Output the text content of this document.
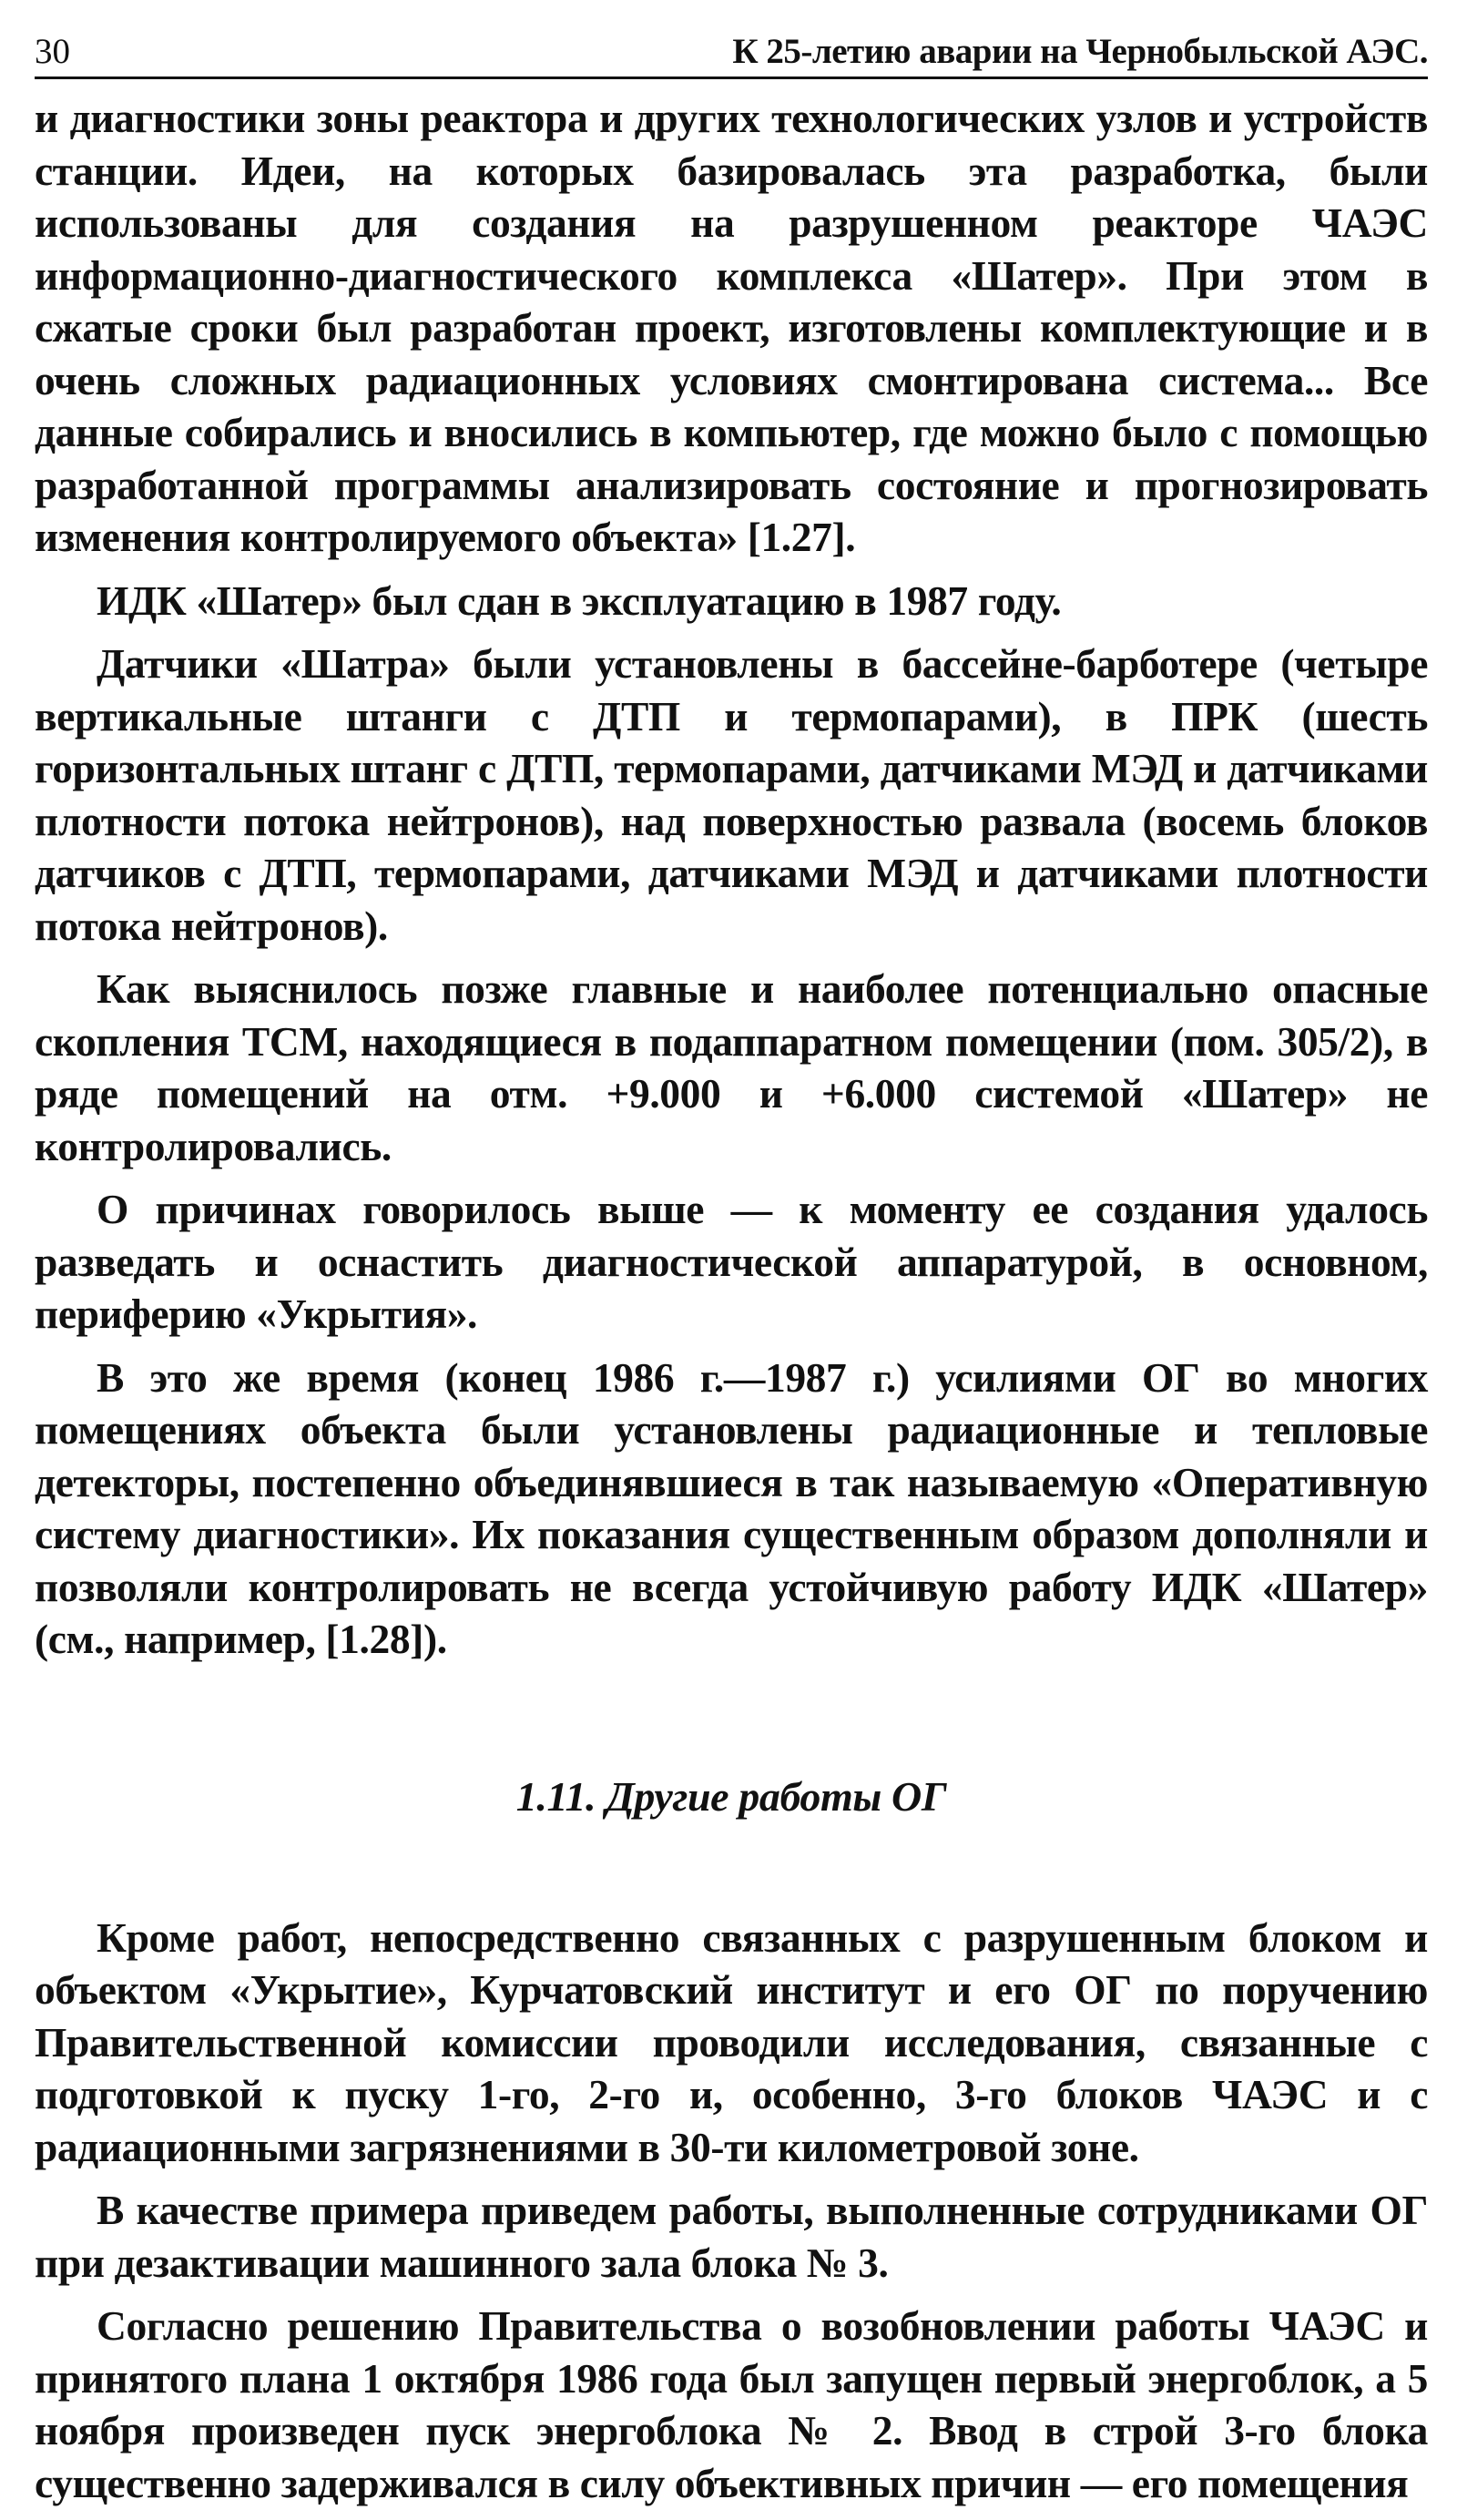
30	К 25-летию аварии на Чернобыльской АЭС.

и диагностики зоны реактора и других технологических узлов и устройств станции. Идеи, на которых базировалась эта разработка, были использованы для создания на разрушенном реакторе ЧАЭС информационно-диагностического комплекса «Шатер». При этом в сжатые сроки был разработан проект, изготовлены комплектующие и в очень сложных радиационных условиях смонтирована система... Все данные собирались и вносились в компьютер, где можно было с помощью разработанной программы анализировать состояние и прогнозировать изменения контролируемого объекта» [1.27].

ИДК «Шатер» был сдан в эксплуатацию в 1987 году.

Датчики «Шатра» были установлены в бассейне-барботере (четыре вертикальные штанги с ДТП и термопарами), в ПРК (шесть горизонтальных штанг с ДТП, термопарами, датчиками МЭД и датчиками плотности потока нейтронов), над поверхностью развала (восемь блоков датчиков с ДТП, термопарами, датчиками МЭД и датчиками плотности потока нейтронов).

Как выяснилось позже главные и наиболее потенциально опасные скопления ТСМ, находящиеся в подаппаратном помещении (пом. 305/2), в ряде помещений на отм. +9.000 и +6.000 системой «Шатер» не контролировались.

О причинах говорилось выше — к моменту ее создания удалось разведать и оснастить диагностической аппаратурой, в основном, периферию «Укрытия».

В это же время (конец 1986 г.—1987 г.) усилиями ОГ во многих помещениях объекта были установлены радиационные и тепловые детекторы, постепенно объединявшиеся в так называемую «Оперативную систему диагностики». Их показания существенным образом дополняли и позволяли контролировать не всегда устойчивую работу ИДК «Шатер» (см., например, [1.28]).

1.11. Другие работы ОГ

Кроме работ, непосредственно связанных с разрушенным блоком и объектом «Укрытие», Курчатовский институт и его ОГ по поручению Правительственной комиссии проводили исследования, связанные с подготовкой к пуску 1-го, 2-го и, особенно, 3-го блоков ЧАЭС и с радиационными загрязнениями в 30-ти километровой зоне.

В качестве примера приведем работы, выполненные сотрудниками ОГ при дезактивации машинного зала блока № 3.

Согласно решению Правительства о возобновлении работы ЧАЭС и принятого плана 1 октября 1986 года был запущен первый энергоблок, а 5 ноября произведен пуск энергоблока № 2. Ввод в строй 3-го блока существенно задерживался в силу объективных причин — его помещения
